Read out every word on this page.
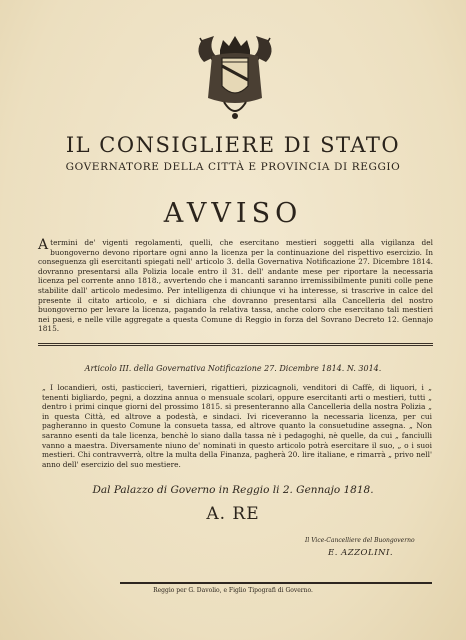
IL CONSIGLIERE DI STATO
GOVERNATORE DELLA CITTÀ E PROVINCIA DI REGGIO
AVVISO
Atermini de' vigenti regolamenti, quelli, che esercitano mestieri soggetti alla vigilanza del buongoverno devono riportare ogni anno la licenza per la continuazione del rispettivo esercizio. In conseguenza gli esercitanti spiegati nell' articolo 3. della Governativa Notificazione 27. Dicembre 1814. dovranno presentarsi alla Polizia locale entro il 31. dell' andante mese per riportare la necessaria licenza pel corrente anno 1818., avvertendo che i mancanti saranno irremissibilmente puniti colle pene stabilite dall' articolo medesimo. Per intelligenza di chiunque vi ha interesse, si trascrive in calce del presente il citato articolo, e si dichiara che dovranno presentarsi alla Cancelleria del nostro buongoverno per levare la licenza, pagando la relativa tassa, anche coloro che esercitano tali mestieri nei paesi, e nelle ville aggregate a questa Comune di Reggio in forza del Sovrano Decreto 12. Gennajo 1815.
Articolo III. della Governativa Notificazione 27. Dicembre 1814. N. 3014.
„ I locandieri, osti, pasticcieri, tavernieri, rigattieri, pizzicagnoli, venditori di Caffè, di liquori, i „ tenenti bigliardo, pegni, a dozzina annua o mensuale scolari, oppure esercitanti arti o mestieri, tutti „ dentro i primi cinque giorni del prossimo 1815. si presenteranno alla Cancelleria della nostra Polizia „ in questa Città, ed altrove a podestà, e sindaci. Ivi riceveranno la necessaria licenza, per cui pagheranno in questo Comune la consueta tassa, ed altrove quanto la consuetudine assegna. „ Non saranno esenti da tale licenza, benchè lo siano dalla tassa nè i pedagoghi, nè quelle, da cui „ fanciulli vanno a maestra. Diversamente niuno de' nominati in questo articolo potrà esercitare il suo, „ o i suoi mestieri. Chi contravverrà, oltre la multa della Finanza, pagherà 20. lire italiane, e rimarrà „ privo nell' anno dell' esercizio del suo mestiere.
Dal Palazzo di Governo in Reggio li 2. Gennajo 1818.
A. RE
Il Vice-Cancelliere del Buongoverno
E. AZZOLINI.
Reggio per G. Davolio, e Figlio Tipografi di Governo.
